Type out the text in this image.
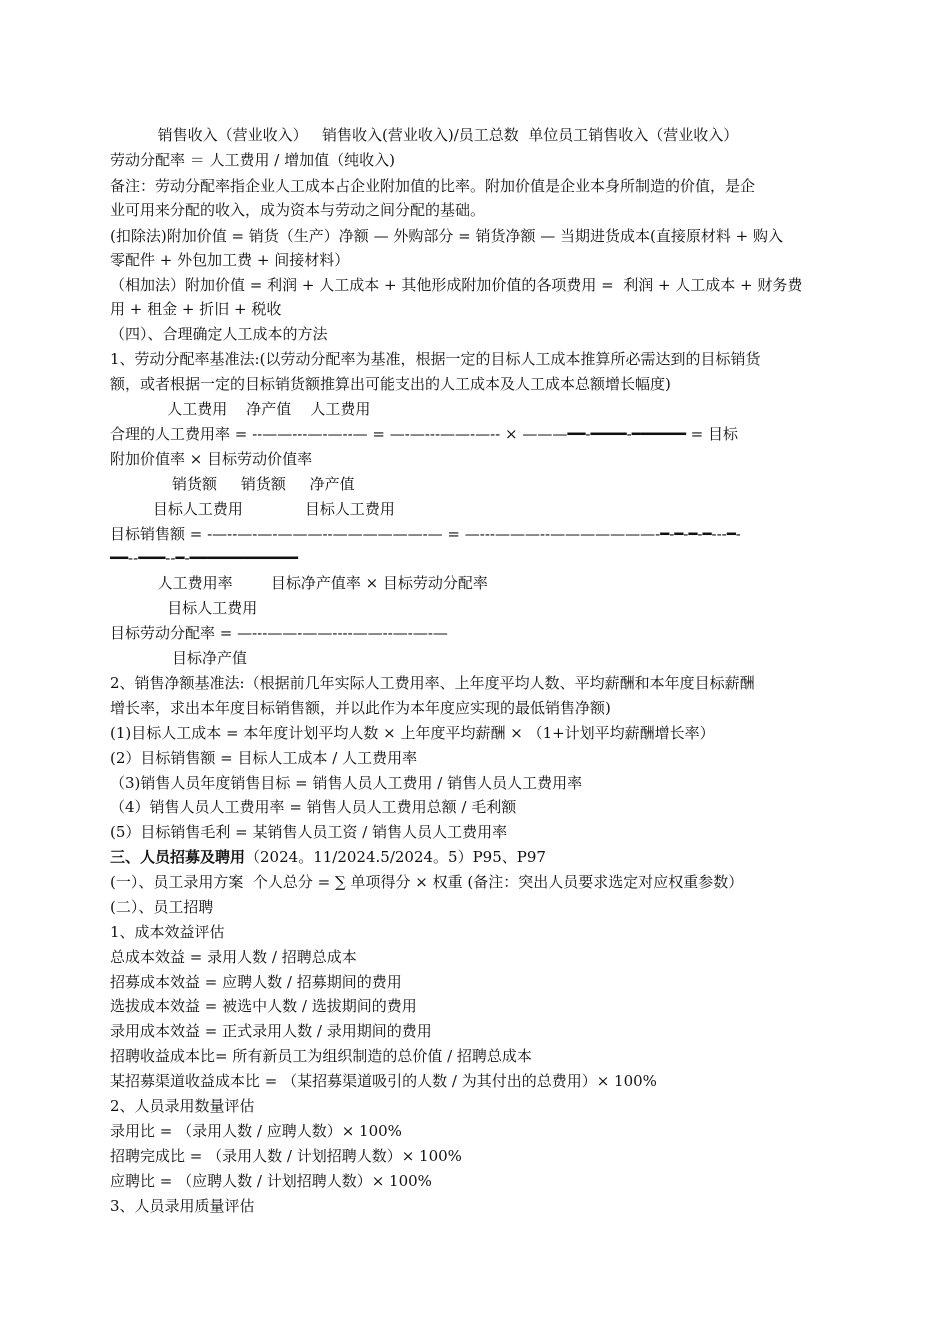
销售收入（营业收入）   销售收入(营业收入)/员工总数  单位员工销售收入（营业收入）
劳动分配率 ＝ 人工费用 / 增加值（纯收入)
备注：劳动分配率指企业人工成本占企业附加值的比率。附加价值是企业本身所制造的价值，是企
业可用来分配的收入，成为资本与劳动之间分配的基础。
(扣除法)附加价值 = 销货（生产）净额 — 外购部分 = 销货净额 — 当期进货成本(直接原材料 + 购入
零配件 + 外包加工费 + 间接材料）
（相加法）附加价值 = 利润 + 人工成本 + 其他形成附加价值的各项费用 =  利润 + 人工成本 + 财务费
用 + 租金 + 折旧 + 税收
（四）、合理确定人工成本的方法
1、劳动分配率基准法:(以劳动分配率为基准，根据一定的目标人工成本推算所必需达到的目标销货
额，或者根据一定的目标销货额推算出可能支出的人工成本及人工成本总额增长幅度)
人工费用    净产值    人工费用
合理的人工费用率 = --——---—-—--— = —-—---——-—-- × ———━━-━━━━-━━━━━━ = 目标
附加价值率 × 目标劳动价值率
销货额     销货额     净产值
目标人工费用             目标人工费用
目标销售额 = -—--—-—-———--——————-— = —---———--———————-━-━-━-━---━-
━━--━━━--━-━━━━━━━━━━━━
人工费用率        目标净产值率 × 目标劳动分配率
目标人工费用
目标劳动分配率 = —---——-——----——--—-—-—
目标净产值
2、销售净额基准法:（根据前几年实际人工费用率、上年度平均人数、平均薪酬和本年度目标薪酬
增长率，求出本年度目标销售额，并以此作为本年度应实现的最低销售净额)
(1)目标人工成本 = 本年度计划平均人数 × 上年度平均薪酬 × （1+计划平均薪酬增长率）
(2）目标销售额 = 目标人工成本 / 人工费用率
（3)销售人员年度销售目标 = 销售人员人工费用 / 销售人员人工费用率
（4）销售人员人工费用率 = 销售人员人工费用总额 / 毛利额
(5）目标销售毛利 = 某销售人员工资 / 销售人员人工费用率
三、人员招募及聘用（2024。11/2024.5/2024。5）P95、P97
(一）、员工录用方案  个人总分 = ∑ 单项得分 × 权重 (备注：突出人员要求选定对应权重参数）
(二）、员工招聘
1、成本效益评估
总成本效益 = 录用人数 / 招聘总成本
招募成本效益 = 应聘人数 / 招募期间的费用
选拔成本效益 = 被选中人数 / 选拔期间的费用
录用成本效益 = 正式录用人数 / 录用期间的费用
招聘收益成本比= 所有新员工为组织制造的总价值 / 招聘总成本
某招募渠道收益成本比 = （某招募渠道吸引的人数 / 为其付出的总费用）× 100%
2、人员录用数量评估
录用比 = （录用人数 / 应聘人数）× 100%
招聘完成比 = （录用人数 / 计划招聘人数）× 100%
应聘比 = （应聘人数 / 计划招聘人数）× 100%
3、人员录用质量评估
